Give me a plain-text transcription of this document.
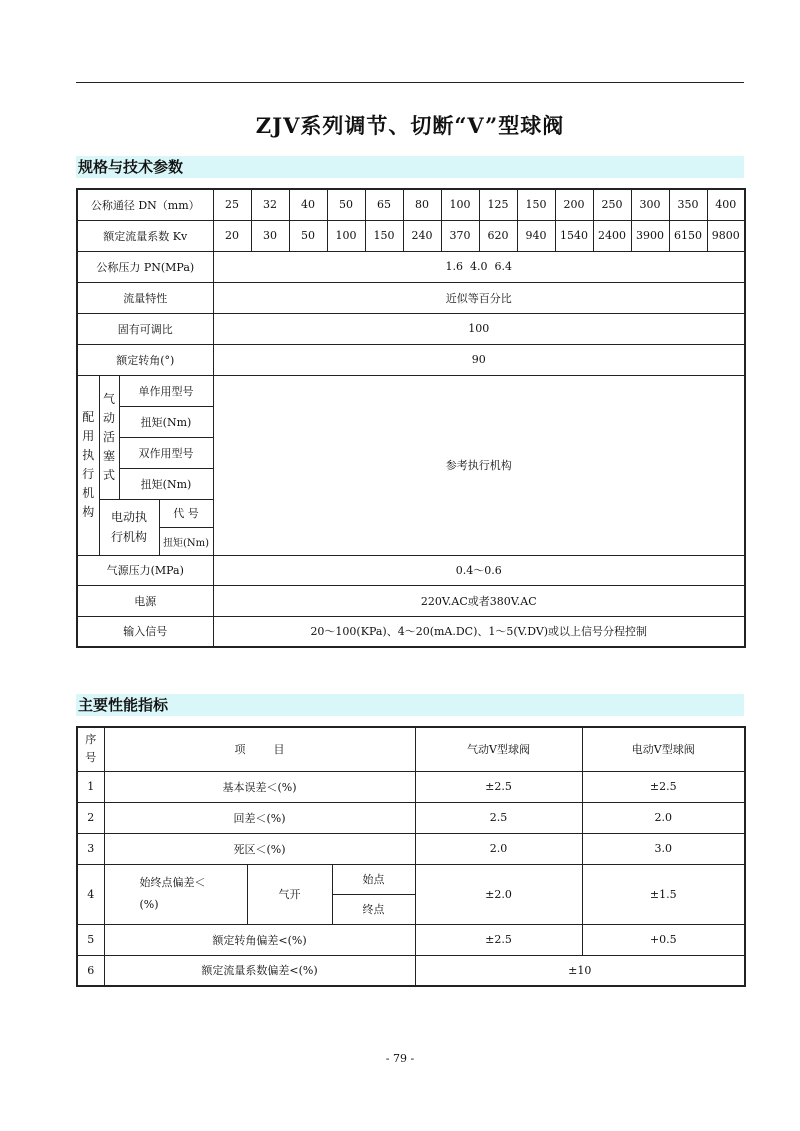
ZJV系列调节、切断“V”型球阀
规格与技术参数
公称通径 DN（mm）				25	32	40	50	65	80	100	125	150	200	250	300	350	400
额定流量系数 Kv				20	30	50	100	150	240	370	620	940	1540	2400	3900	6150	9800
公称压力 PN(MPa)				1.6  4.0  6.4													
流量特性				近似等百分比													
固有可调比				100													
额定转角(°)				90													

配用执行机构	气动活塞式	单作用型号		参考执行机构													
		扭矩(Nm)															
		双作用型号															
		扭矩(Nm)															

	电动执行机构		代 号														
			扭矩(Nm)														
气源压力(MPa)				0.4～0.6													
电源				220V.AC或者380V.AC													
输入信号				20～100(KPa)、4～20(mA.DC)、1～5(V.DV)或以上信号分程控制													
主要性能指标
序号	项        目			气动Ⅴ型球阀	电动Ⅴ型球阀
1	基本误差＜(%)			±2.5	±2.5
2	回差＜(%)			2.5	2.0
3	死区＜(%)			2.0	3.0
4	始终点偏差＜(%)	气开	始点	±2.0	±1.5
			终点		
5	额定转角偏差<(%)			±2.5	+0.5
6	额定流量系数偏差<(%)			±10	
- 79 -
